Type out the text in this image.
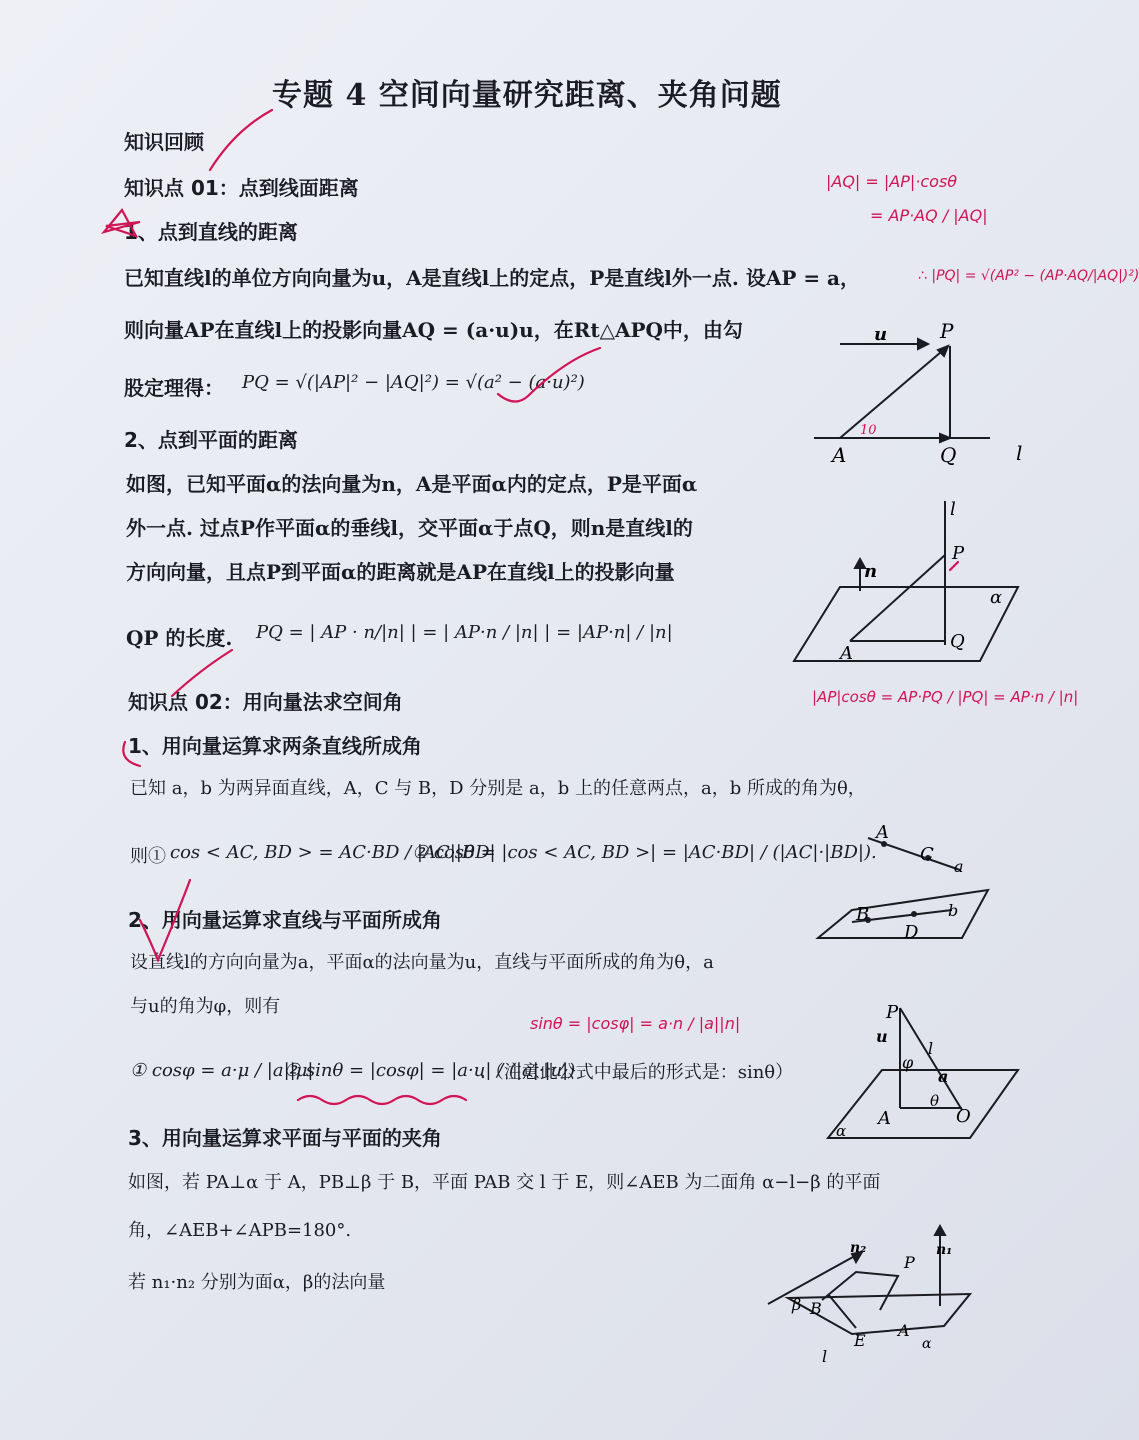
专题 4 空间向量研究距离、夹角问题
知识回顾
知识点 01：点到线面距离
1、点到直线的距离
已知直线l的单位方向向量为u，A是直线l上的定点，P是直线l外一点. 设AP = a，
则向量AP在直线l上的投影向量AQ = (a·u)u，在Rt△APQ中，由勾
股定理得： PQ = √(|AP|² − |AQ|²) = √(a² − (a·u)²)
2、点到平面的距离
如图，已知平面α的法向量为n，A是平面α内的定点，P是平面α
外一点. 过点P作平面α的垂线l，交平面α于点Q，则n是直线l的
方向向量，且点P到平面α的距离就是AP在直线l上的投影向量
QP 的长度. PQ = | AP · n/|n| | = | AP·n / |n| | = |AP·n| / |n|
知识点 02：用向量法求空间角
1、用向量运算求两条直线所成角
已知 a，b 为两异面直线，A，C 与 B，D 分别是 a，b 上的任意两点，a，b 所成的角为θ，
则① cos < AC, BD > = AC·BD / |AC||BD|
② cosθ = |cos < AC, BD >| = |AC·BD| / (|AC|·|BD|).
2、用向量运算求直线与平面所成角
设直线l的方向向量为a，平面α的法向量为u，直线与平面所成的角为θ，a
与u的角为φ，则有
① cosφ = a·μ / |a||μ|
② sinθ = |cosφ| = |a·u| / (|a|·|u|)
.（注意此公式中最后的形式是：sinθ）
3、用向量运算求平面与平面的夹角
如图，若 PA⊥α 于 A，PB⊥β 于 B，平面 PAB 交 l 于 E，则∠AEB 为二面角 α−l−β 的平面
角，∠AEB+∠APB=180°.
若 n₁·n₂ 分别为面α，β的法向量
|AQ| = |AP|·cosθ
= AP·AQ / |AQ|
∴ |PQ| = √(AP² − (AP·AQ/|AQ|)²)
|AP|cosθ = AP·PQ / |PQ| = AP·n / |n|
sinθ = |cosφ| = a·n / |a||n|
u	P
A	Q	l
10
l
P
n
α
A
Q
A
C
a
B
D
b
P
u
φ
l
a
θ
A	O
α
n₂	n₁
P
β B
E
A
α
l
